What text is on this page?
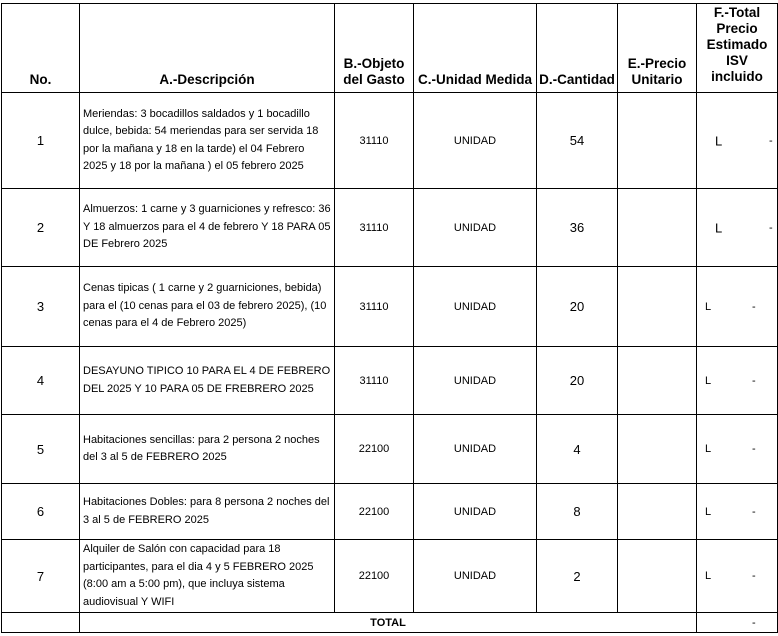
No.	A.-Descripción	B.-Objeto del Gasto	C.-Unidad Medida	D.-Cantidad	E.-Precio Unitario	F.-Total Precio Estimado ISV incluido
1	Meriendas: 3 bocadillos saldados y 1 bocadillo dulce, bebida: 54 meriendas para ser servida 18 por la mañana y 18 en la tarde) el 04 Febrero 2025 y 18 por la mañana ) el 05 febrero 2025	31110	UNIDAD	54		L -

2	Almuerzos: 1 carne y 3 guarniciones y refresco: 36 Y 18 almuerzos para el 4 de febrero Y 18 PARA 05 DE Febrero 2025	31110	UNIDAD	36		L -

3	Cenas tipicas ( 1 carne y 2 guarniciones, bebida) para el (10 cenas para el 03 de febrero 2025), (10 cenas para el 4 de Febrero 2025)	31110	UNIDAD	20		L -

4	DESAYUNO TIPICO 10 PARA EL 4 DE FEBRERO DEL 2025 Y 10 PARA 05 DE FREBRERO 2025	31110	UNIDAD	20		L -

5	Habitaciones sencillas: para 2 persona 2 noches del 3 al 5 de FEBRERO 2025	22100	UNIDAD	4		L -

6	Habitaciones Dobles: para 8 persona 2 noches del 3 al 5 de FEBRERO 2025	22100	UNIDAD	8		L -

7	Alquiler de Salón con capacidad para 18 participantes, para el dia 4 y 5 FEBRERO 2025 (8:00 am a 5:00 pm), que incluya sistema audiovisual Y WIFI	22100	UNIDAD	2		L -

	TOTAL					-
